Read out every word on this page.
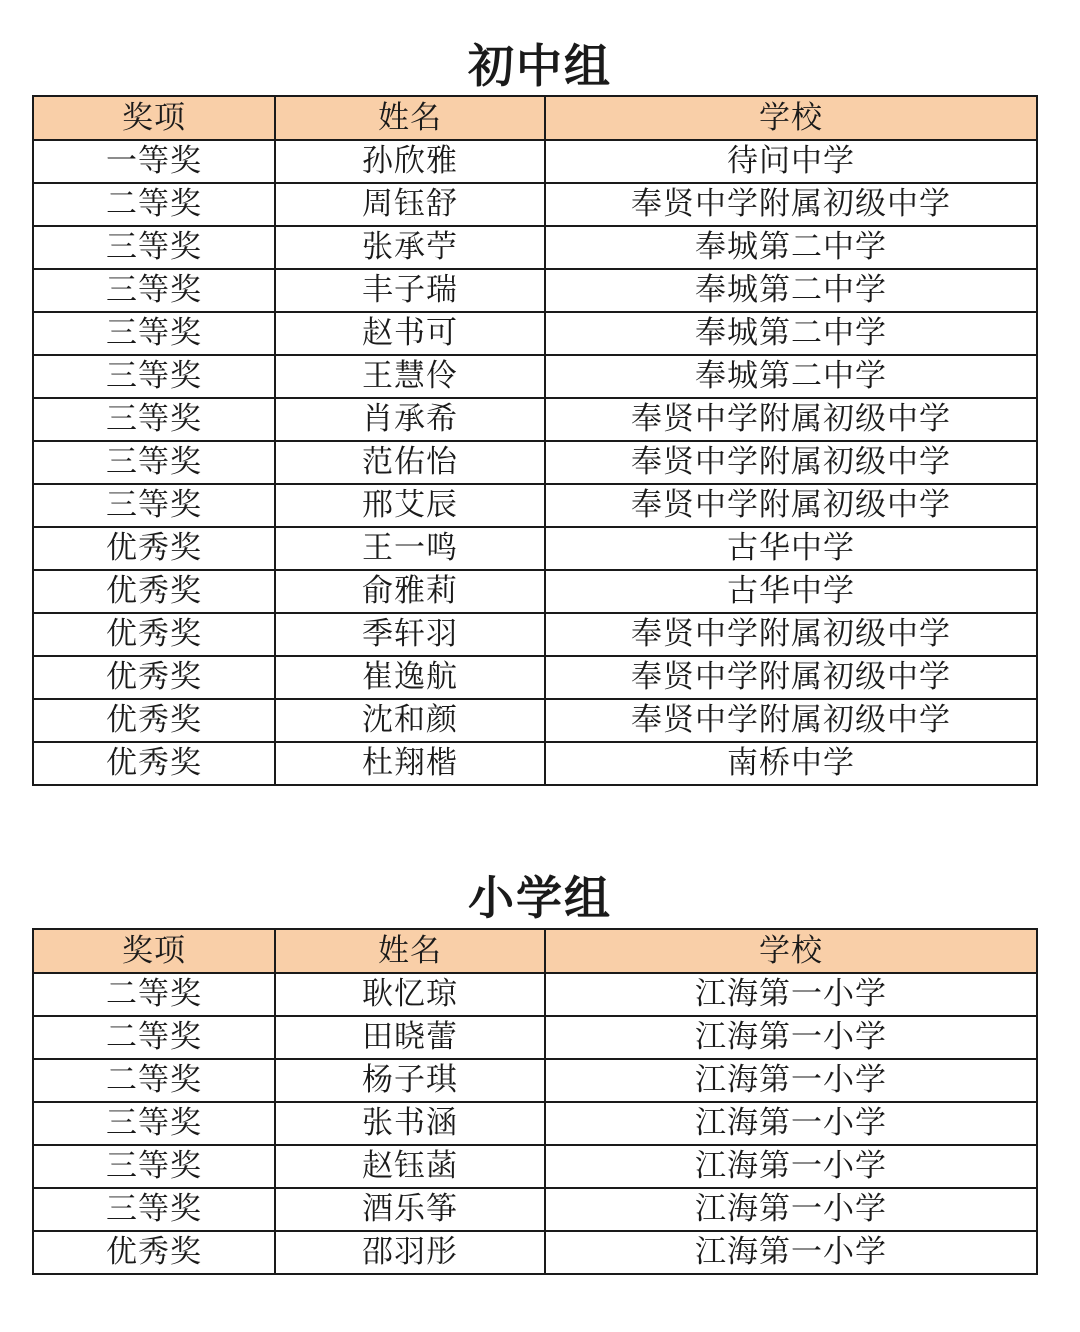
初中组
奖项	姓名	学校
一等奖	孙欣雅	待问中学
二等奖	周钰舒	奉贤中学附属初级中学
三等奖	张承苧	奉城第二中学
三等奖	丰子瑞	奉城第二中学
三等奖	赵书可	奉城第二中学
三等奖	王慧伶	奉城第二中学
三等奖	肖承希	奉贤中学附属初级中学
三等奖	范佑怡	奉贤中学附属初级中学
三等奖	邢艾辰	奉贤中学附属初级中学
优秀奖	王一鸣	古华中学
优秀奖	俞雅莉	古华中学
优秀奖	季轩羽	奉贤中学附属初级中学
优秀奖	崔逸航	奉贤中学附属初级中学
优秀奖	沈和颜	奉贤中学附属初级中学
优秀奖	杜翔楷	南桥中学
小学组
奖项	姓名	学校
二等奖	耿忆琼	江海第一小学
二等奖	田晓蕾	江海第一小学
二等奖	杨子琪	江海第一小学
三等奖	张书涵	江海第一小学
三等奖	赵钰菡	江海第一小学
三等奖	酒乐筝	江海第一小学
优秀奖	邵羽彤	江海第一小学
